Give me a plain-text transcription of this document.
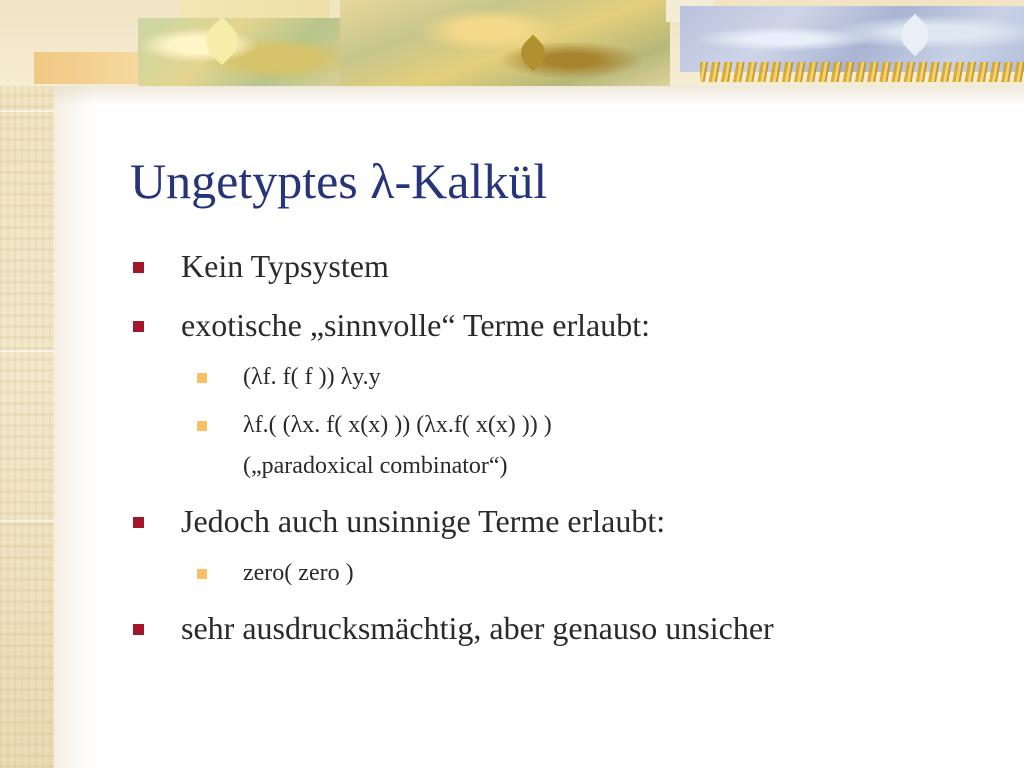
Ungetyptes λ-Kalkül
Kein Typsystem
exotische „sinnvolle“ Terme erlaubt:
(λf. f( f )) λy.y
λf.( (λx. f( x(x) )) (λx.f( x(x) )) )
(„paradoxical combinator“)
Jedoch auch unsinnige Terme erlaubt:
zero( zero )
sehr ausdrucksmächtig, aber genauso unsicher
